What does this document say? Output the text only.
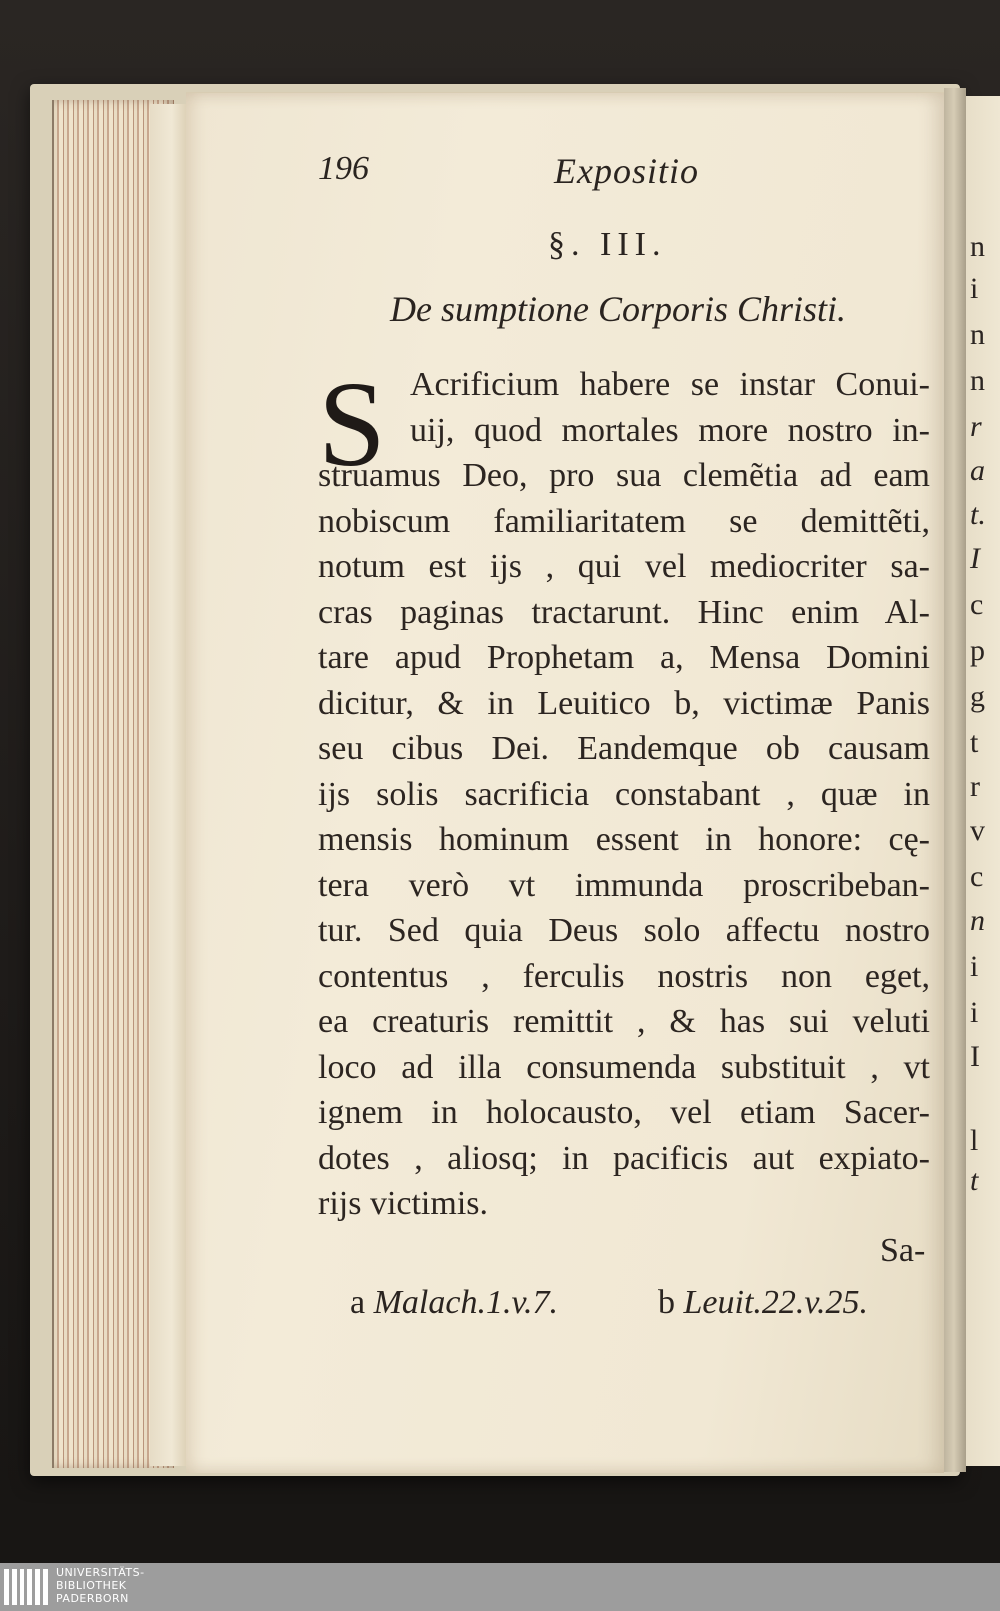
n
i
n
n
r
a
t.
I
c
p
g
t
r
v
c
n
i
i
I
l
t
196	Expositio
§. III.
De sumptione Corporis Christi.
S Acrificium habere se instar Conui-
uij, quod mortales more nostro in-
struamus Deo, pro sua clemẽtia ad eam
nobiscum familiaritatem se demittẽti,
notum est ijs , qui vel mediocriter sa-
cras paginas tractarunt. Hinc enim Al-
tare apud Prophetam a, Mensa Domini
dicitur, & in Leuitico b, victimæ Panis
seu cibus Dei. Eandemque ob causam
ijs solis sacrificia constabant , quæ in
mensis hominum essent in honore: cę-
tera verò vt immunda proscribeban-
tur. Sed quia Deus solo affectu nostro
contentus , ferculis nostris non eget,
ea creaturis remittit , & has sui veluti
loco ad illa consumenda substituit , vt
ignem in holocausto, vel etiam Sacer-
dotes , aliosq; in pacificis aut expiato-
rijs victimis.
Sa-
a Malach.1.v.7.	b Leuit.22.v.25.
UNIVERSITÄTS-
BIBLIOTHEK
PADERBORN
